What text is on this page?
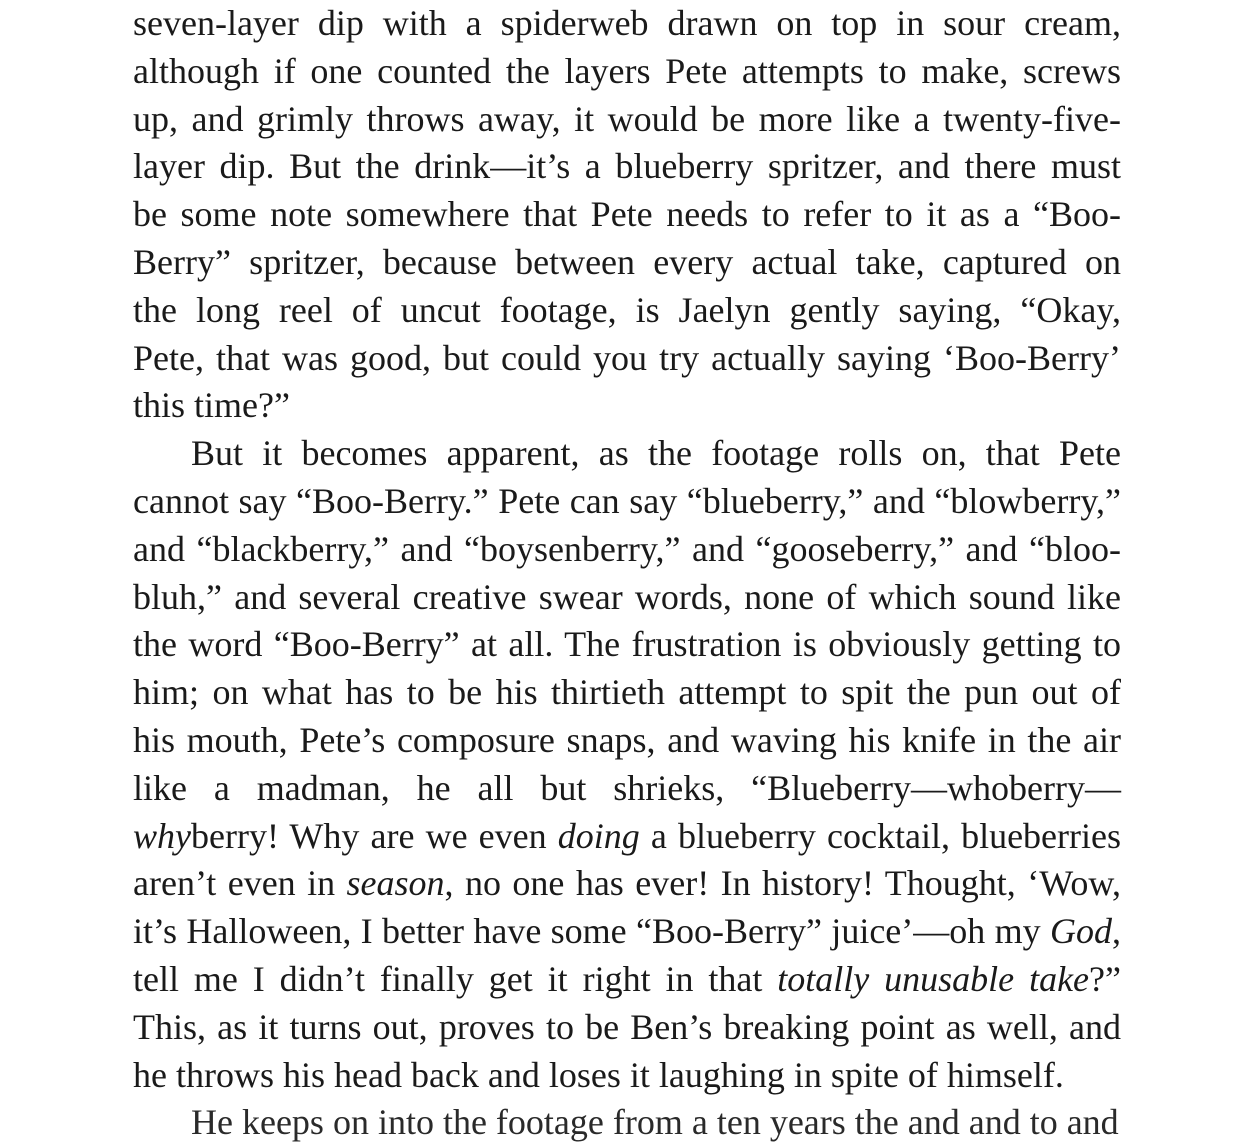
seven-layer dip with a spiderweb drawn on top in sour cream,
although if one counted the layers Pete attempts to make, screws
up, and grimly throws away, it would be more like a twenty-five-
layer dip. But the drink—it’s a blueberry spritzer, and there must
be some note somewhere that Pete needs to refer to it as a “Boo-
Berry” spritzer, because between every actual take, captured on
the long reel of uncut footage, is Jaelyn gently saying, “Okay,
Pete, that was good, but could you try actually saying ‘Boo-Berry’
this time?”
But it becomes apparent, as the footage rolls on, that Pete
cannot say “Boo-Berry.” Pete can say “blueberry,” and “blowberry,”
and “blackberry,” and “boysenberry,” and “gooseberry,” and “bloo-
bluh,” and several creative swear words, none of which sound like
the word “Boo-Berry” at all. The frustration is obviously getting to
him; on what has to be his thirtieth attempt to spit the pun out of
his mouth, Pete’s composure snaps, and waving his knife in the air
like a madman, he all but shrieks, “Blueberry—whoberry—
whyberry! Why are we even doing a blueberry cocktail, blueberries
aren’t even in season, no one has ever! In history! Thought, ‘Wow,
it’s Halloween, I better have some “Boo-Berry” juice’—oh my God,
tell me I didn’t finally get it right in that totally unusable take?”
This, as it turns out, proves to be Ben’s breaking point as well, and
he throws his head back and loses it laughing in spite of himself.
He keeps on into the footage from a ten years the and and to and
